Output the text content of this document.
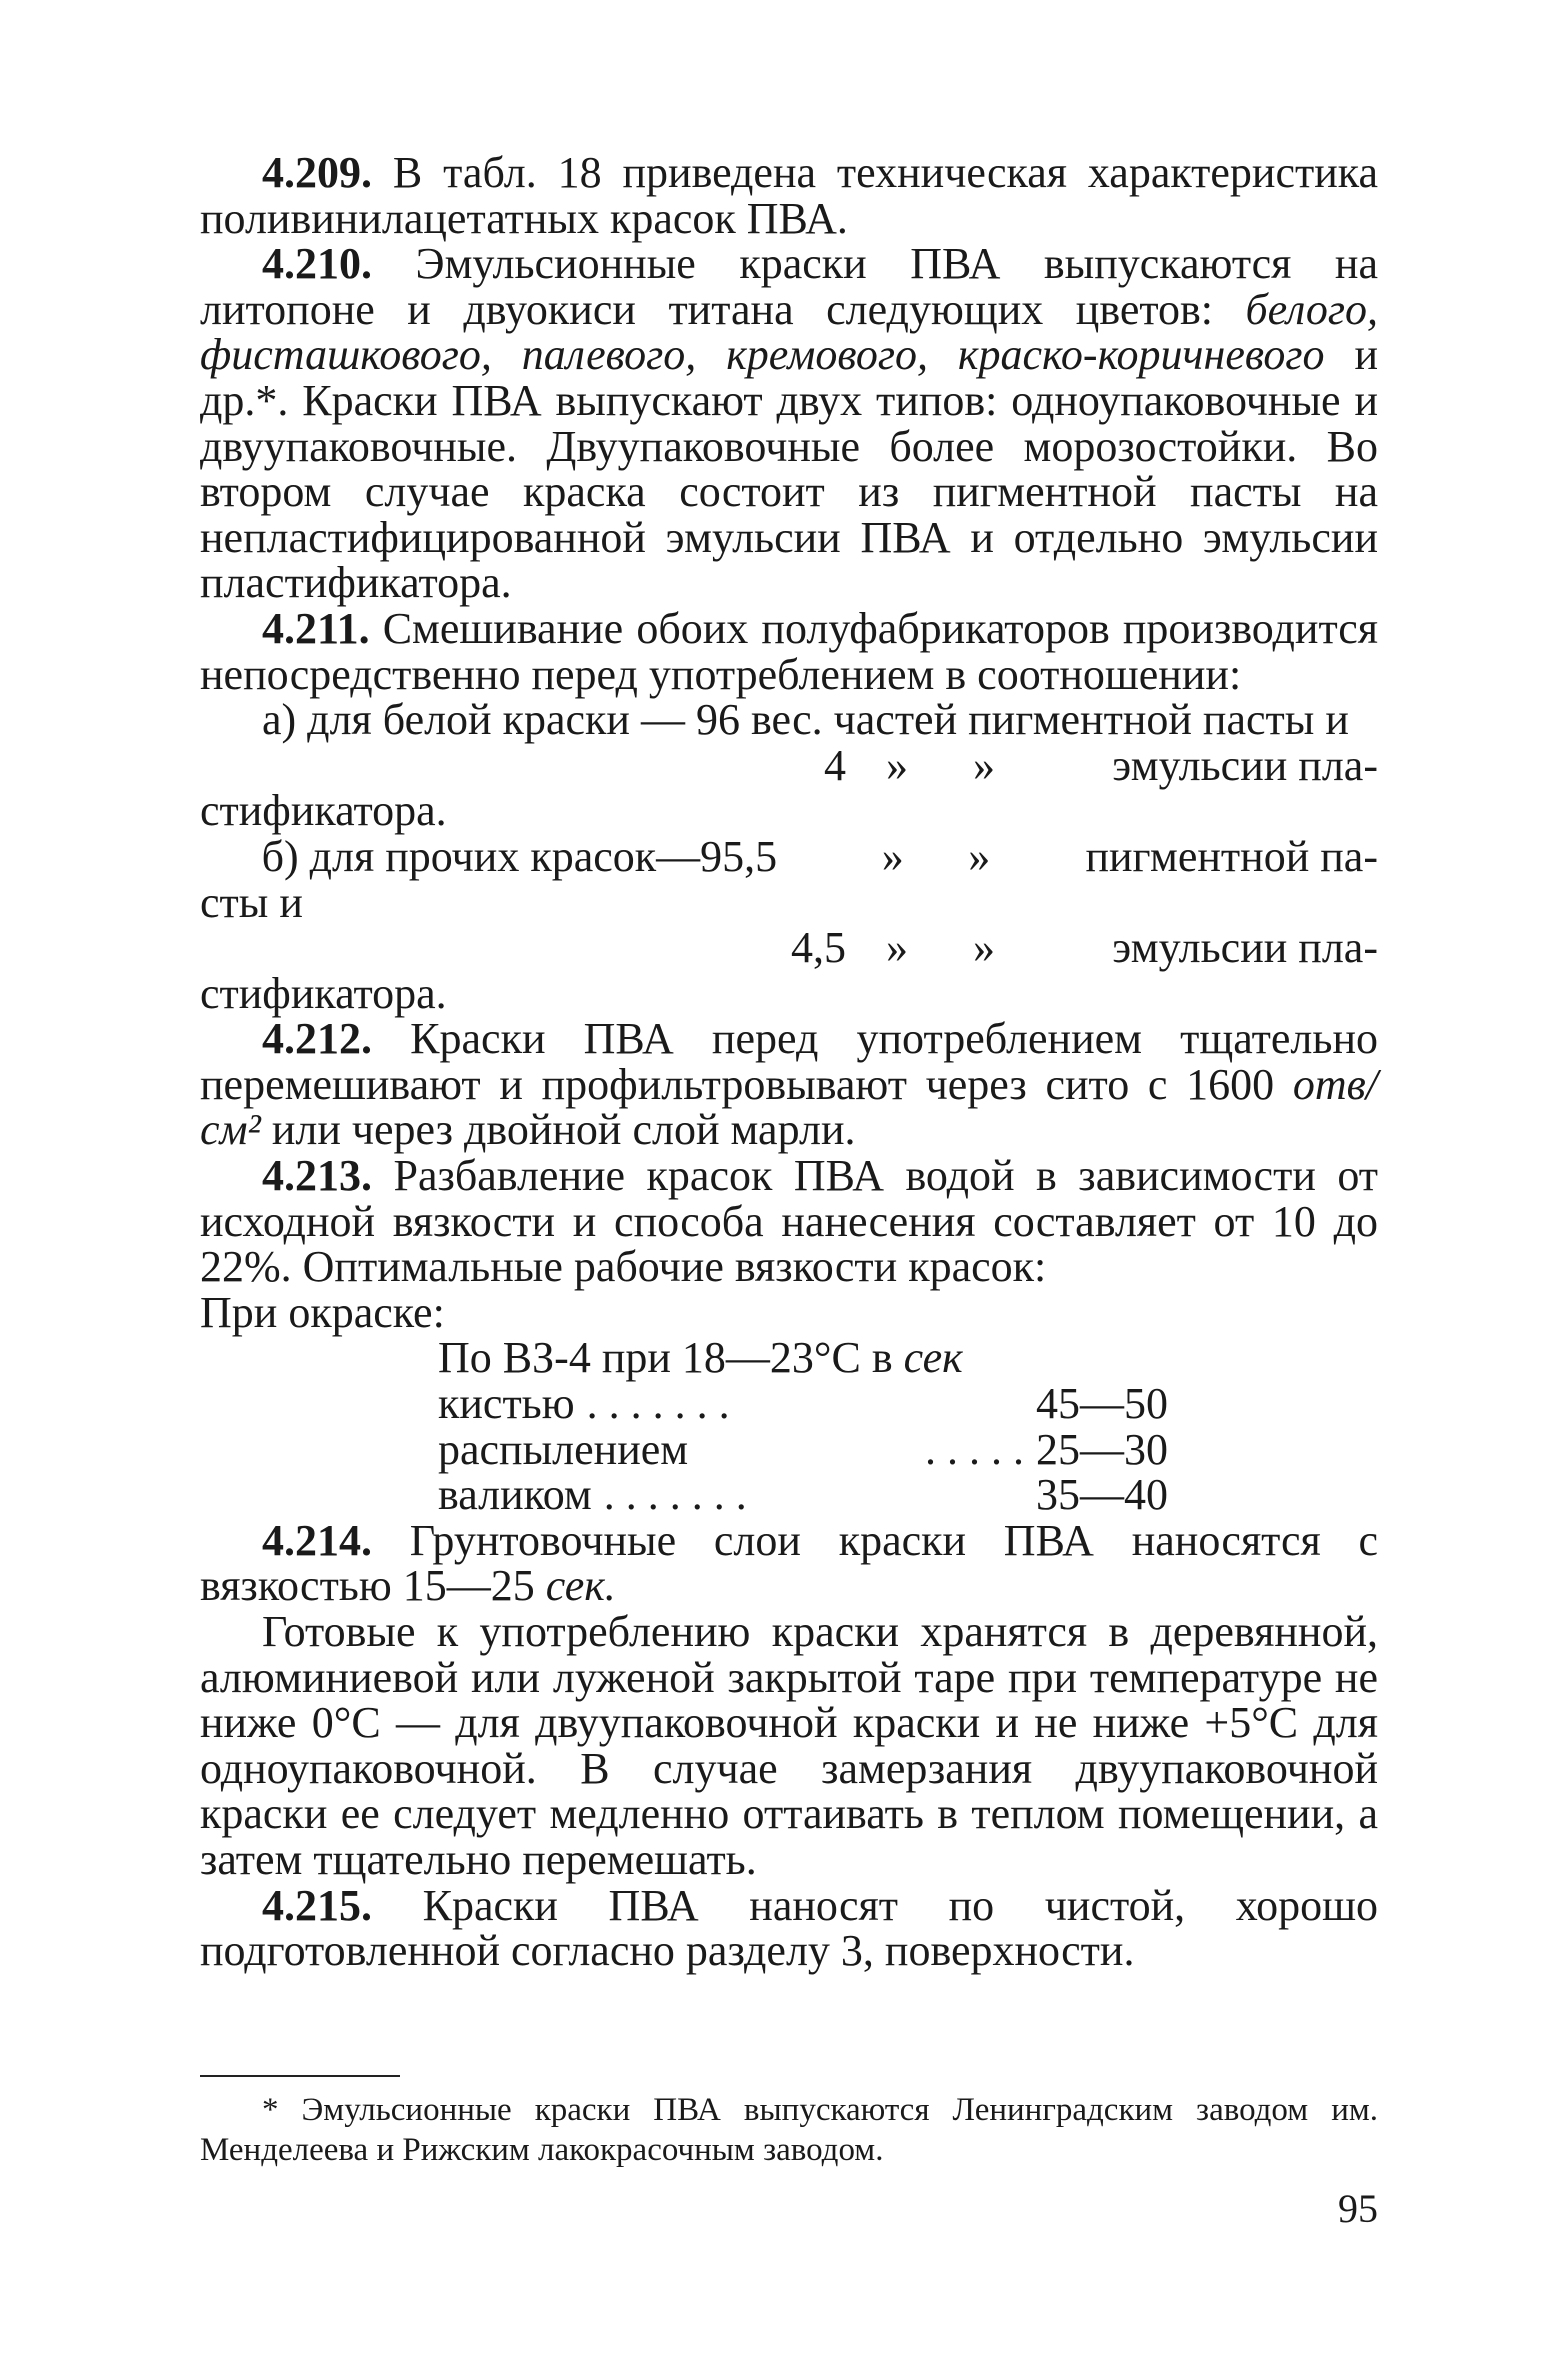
4.209. В табл. 18 приведена техническая характеристика поливинилацетатных красок ПВА.

4.210. Эмульсионные краски ПВА выпускаются на литопоне и двуокиси титана следующих цветов: белого, фисташкового, палевого, кремового, краско-коричневого и др.*. Краски ПВА выпускают двух типов: одноупаковочные и двуупаковочные. Двуупаковочные более морозостойки. Во втором случае краска состоит из пигментной пасты на непластифицированной эмульсии ПВА и отдельно эмульсии пластификатора.

4.211. Смешивание обоих полуфабрикаторов производится непосредственно перед употреблением в соотношении:

а) для белой краски — 96 вес. частей пигментной пасты и

4 »	»	эмульсии пла-
стификатора.
б) для прочих красок—95,5	»	»	пигментной па-
сты и
4,5 »	»	эмульсии пла-
стификатора.

4.212. Краски ПВА перед употреблением тщательно перемешивают и профильтровывают через сито с 1600 отв/см² или через двойной слой марли.

4.213. Разбавление красок ПВА водой в зависимости от исходной вязкости и способа нанесения составляет от 10 до 22%. Оптимальные рабочие вязкости красок:

При окраске:
По ВЗ-4 при 18—23°С в сек
кистью . . . . . . .	45—50
распылением	. . . . . 25—30
валиком . . . . . . .	35—40

4.214. Грунтовочные слои краски ПВА наносятся с вязкостью 15—25 сек.

Готовые к употреблению краски хранятся в деревянной, алюминиевой или луженой закрытой таре при температуре не ниже 0°С — для двуупаковочной краски и не ниже +5°С для одноупаковочной. В случае замерзания двуупаковочной краски ее следует медленно оттаивать в теплом помещении, а затем тщательно перемешать.

4.215. Краски ПВА наносят по чистой, хорошо подготовленной согласно разделу 3, поверхности.

* Эмульсионные краски ПВА выпускаются Ленинградским заводом им. Менделеева и Рижским лакокрасочным заводом.

95
